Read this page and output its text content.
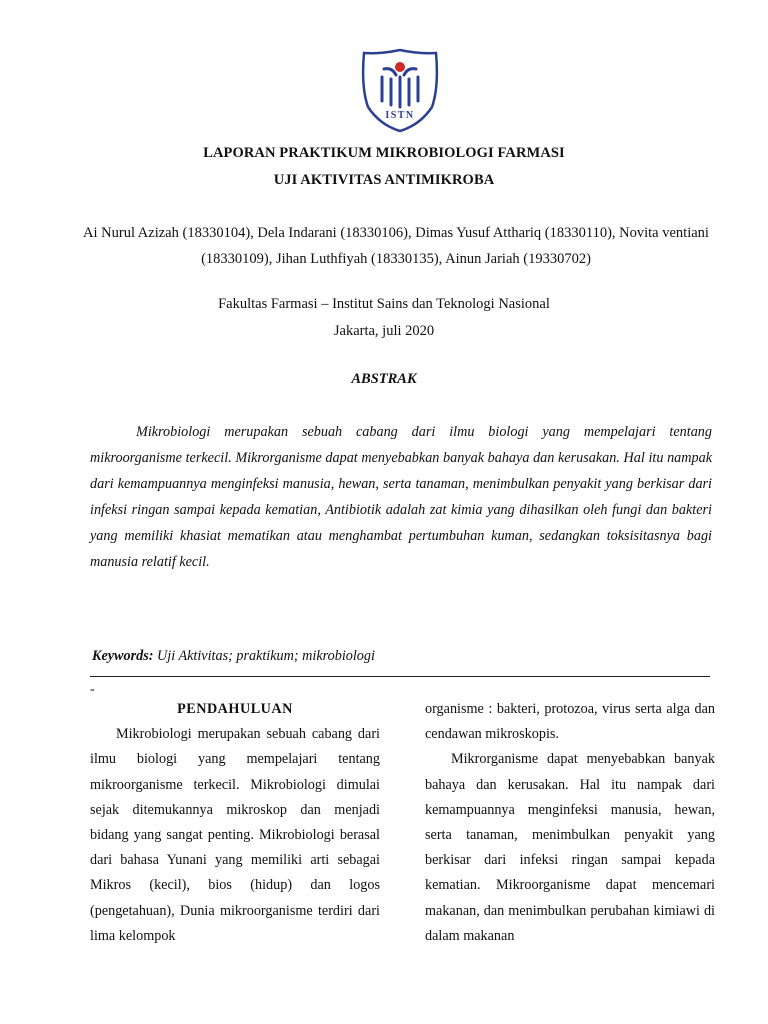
ISTN
LAPORAN PRAKTIKUM MIKROBIOLOGI FARMASI
UJI AKTIVITAS ANTIMIKROBA
Ai Nurul Azizah (18330104), Dela Indarani (18330106), Dimas Yusuf Atthariq (18330110), Novita ventiani (18330109), Jihan Luthfiyah (18330135), Ainun Jariah (19330702)
Fakultas Farmasi – Institut Sains dan Teknologi Nasional
Jakarta, juli 2020
ABSTRAK

Mikrobiologi merupakan sebuah cabang dari ilmu biologi yang mempelajari tentang mikroorganisme terkecil. Mikrorganisme dapat menyebabkan banyak bahaya dan kerusakan. Hal itu nampak dari kemampuannya menginfeksi manusia, hewan, serta tanaman, menimbulkan penyakit yang berkisar dari infeksi ringan sampai kepada kematian, Antibiotik adalah zat kimia yang dihasilkan oleh fungi dan bakteri yang memiliki khasiat mematikan atau menghambat pertumbuhan kuman, sedangkan toksisitasnya bagi manusia relatif kecil.

Keywords: Uji Aktivitas; praktikum; mikrobiologi
-

PENDAHULUAN

Mikrobiologi merupakan sebuah cabang dari ilmu biologi yang mempelajari tentang mikroorganisme terkecil. Mikrobiologi dimulai sejak ditemukannya mikroskop dan menjadi bidang yang sangat penting. Mikrobiologi berasal dari bahasa Yunani yang memiliki arti sebagai Mikros (kecil), bios (hidup) dan logos (pengetahuan), Dunia mikroorganisme terdiri dari lima kelompok

organisme : bakteri, protozoa, virus serta alga dan cendawan mikroskopis.

Mikrorganisme dapat menyebabkan banyak bahaya dan kerusakan. Hal itu nampak dari kemampuannya menginfeksi manusia, hewan, serta tanaman, menimbulkan penyakit yang berkisar dari infeksi ringan sampai kepada kematian. Mikroorganisme dapat mencemari makanan, dan menimbulkan perubahan kimiawi di dalam makanan
